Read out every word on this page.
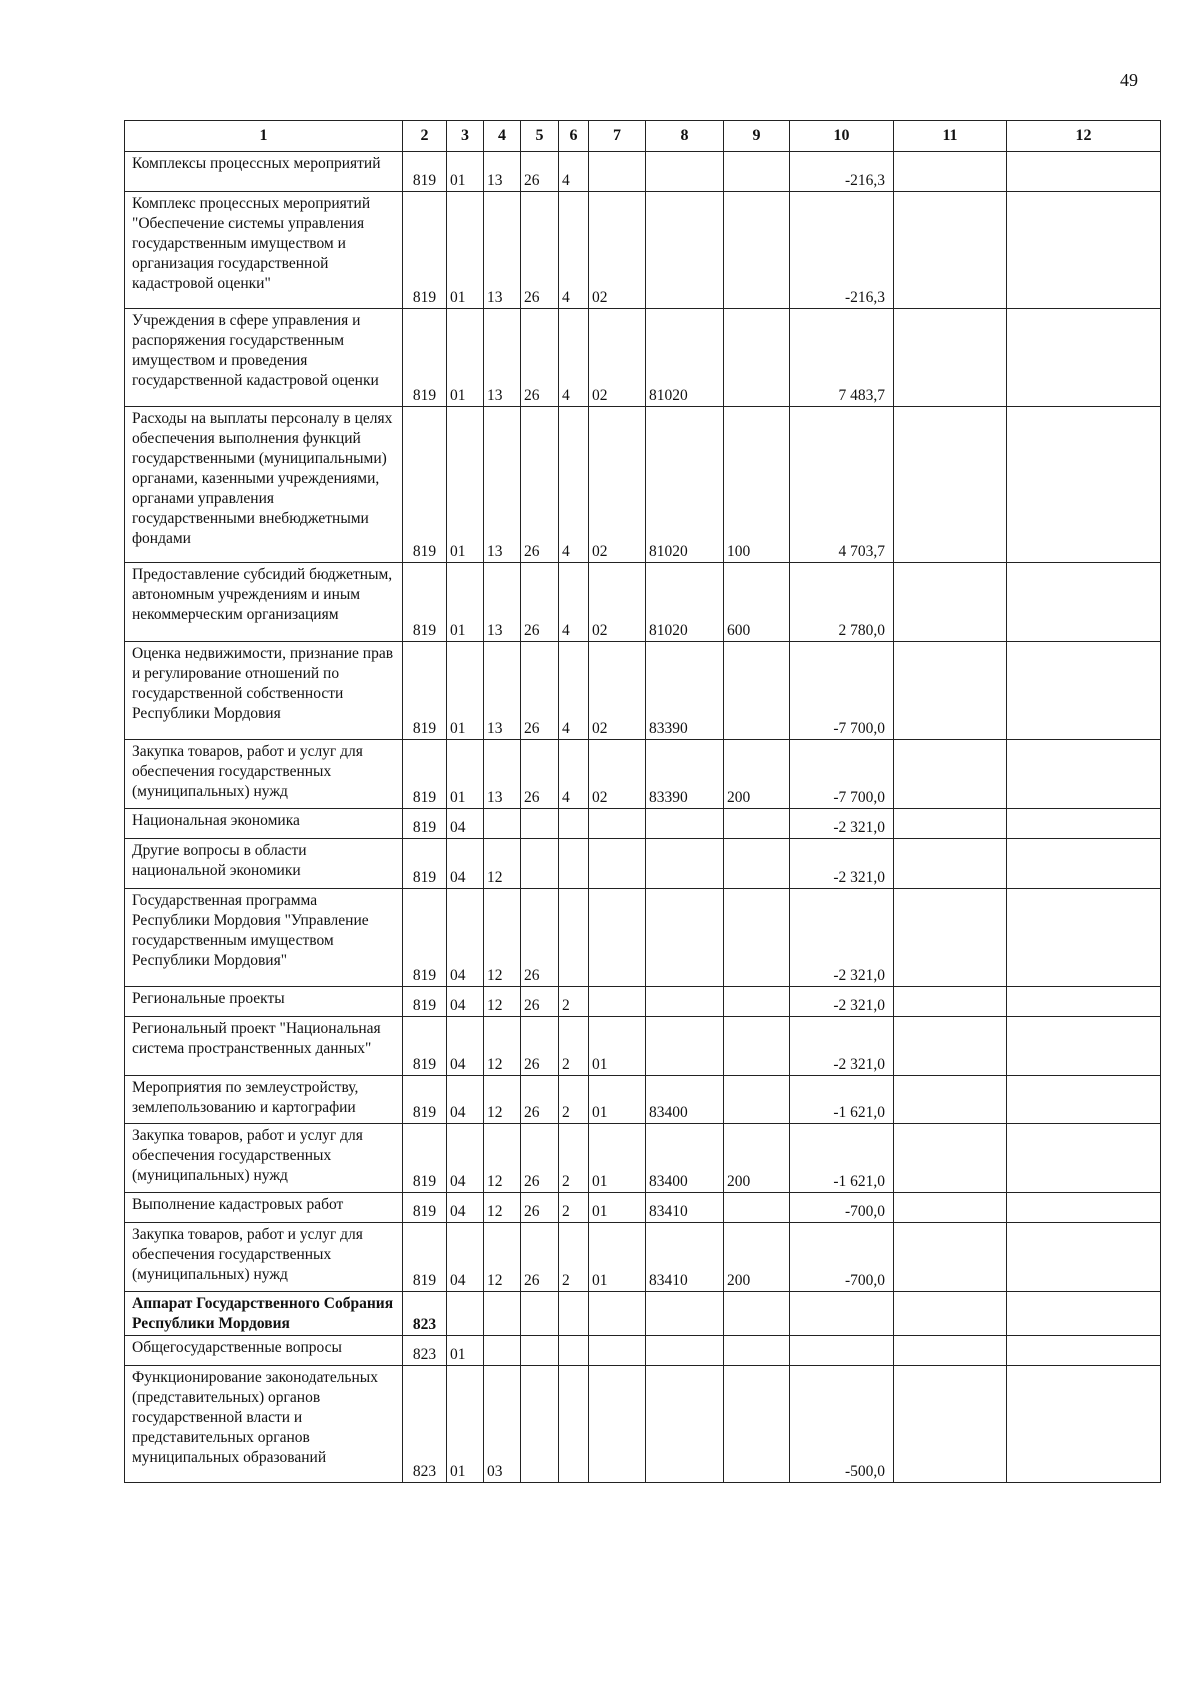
49
1	2	3	4	5	6	7	8	9	10	11	12
Комплексы процессных мероприятий	819	01	13	26	4				-216,3		
Комплекс процессных мероприятий "Обеспечение системы управления государственным имуществом и организация государственной кадастровой оценки"	819	01	13	26	4	02			-216,3		
Учреждения в сфере управления и распоряжения государственным имуществом и проведения государственной кадастровой оценки	819	01	13	26	4	02	81020		7 483,7		
Расходы на выплаты персоналу в целях обеспечения выполнения функций государственными (муниципальными) органами, казенными учреждениями, органами управления государственными внебюджетными фондами	819	01	13	26	4	02	81020	100	4 703,7		
Предоставление субсидий бюджетным, автономным учреждениям и иным некоммерческим организациям	819	01	13	26	4	02	81020	600	2 780,0		
Оценка недвижимости, признание прав и регулирование отношений по государственной собственности Республики Мордовия	819	01	13	26	4	02	83390		-7 700,0		
Закупка товаров, работ и услуг для обеспечения государственных (муниципальных) нужд	819	01	13	26	4	02	83390	200	-7 700,0		
Национальная экономика	819	04							-2 321,0		
Другие вопросы в области национальной экономики	819	04	12						-2 321,0		
Государственная программа Республики Мордовия "Управление государственным имуществом Республики Мордовия"	819	04	12	26					-2 321,0		
Региональные проекты	819	04	12	26	2				-2 321,0		
Региональный проект "Национальная система пространственных данных"	819	04	12	26	2	01			-2 321,0		
Мероприятия по землеустройству, землепользованию и картографии	819	04	12	26	2	01	83400		-1 621,0		
Закупка товаров, работ и услуг для обеспечения государственных (муниципальных) нужд	819	04	12	26	2	01	83400	200	-1 621,0		
Выполнение кадастровых работ	819	04	12	26	2	01	83410		-700,0		
Закупка товаров, работ и услуг для обеспечения государственных (муниципальных) нужд	819	04	12	26	2	01	83410	200	-700,0		
Аппарат Государственного Собрания Республики Мордовия	823										
Общегосударственные вопросы	823	01									
Функционирование законодательных (представительных) органов государственной власти и представительных органов муниципальных образований	823	01	03						-500,0		
